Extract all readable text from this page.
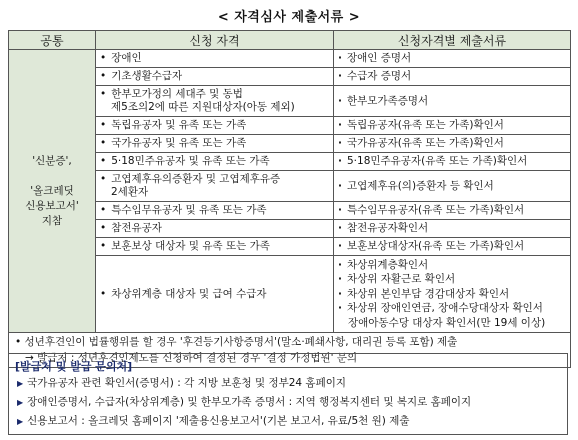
< 자격심사 제출서류 >
공통	신청 자격	신청자격별 제출서류

'신분증',

'올크레딧
신용보고서'
지참	• 장애인	· 장애인 증명서
	• 기초생활수급자	· 수급자 증명서

	• 한부모가정의 세대주 및 동법
제5조의2에 따른 지원대상자(아동 제외)	· 한부모가족증명서
	• 독립유공자 및 유족 또는 가족	· 독립유공자(유족 또는 가족)확인서
	• 국가유공자 및 유족 또는 가족	· 국가유공자(유족 또는 가족)확인서
	• 5·18민주유공자 및 유족 또는 가족	· 5·18민주유공자(유족 또는 가족)확인서

	• 고엽제후유의증환자 및 고엽제후유증
2세환자	· 고엽제후유(의)증환자 등 확인서
	• 특수임무유공자 및 유족 또는 가족	· 특수임무유공자(유족 또는 가족)확인서
	• 참전유공자	· 참전유공자확인서
	• 보훈보상 대상자 및 유족 또는 가족	· 보훈보상대상자(유족 또는 가족)확인서
	• 차상위계층 대상자 및 급여 수급자	· 차상위계층확인서
· 차상위 자활근로 확인서
· 차상위 본인부담 경감대상자 확인서
· 차상위 장애인연금, 장애수당대상자 확인서
장애아동수당 대상자 확인서(만 19세 이상)

• 성년후견인이 법률행위를 할 경우 '후견등기사항증명서'(말소·폐쇄사항, 대리권 등록 포함) 제출
→ 발급처 : 성년후견인제도를 신청하여 결정된 경우 '결정 가정법원' 문의		
[발급처 및 발급 문의처]
▶ 국가유공자 관련 확인서(증명서) : 각 지방 보훈청 및 정부24 홈페이지
▶ 장애인증명서, 수급자(차상위계층) 및 한부모가족 증명서 : 지역 행정복지센터 및 복지로 홈페이지
▶ 신용보고서 : 올크레딧 홈페이지 '제출용신용보고서'(기본 보고서, 유료/5천 원) 제출
